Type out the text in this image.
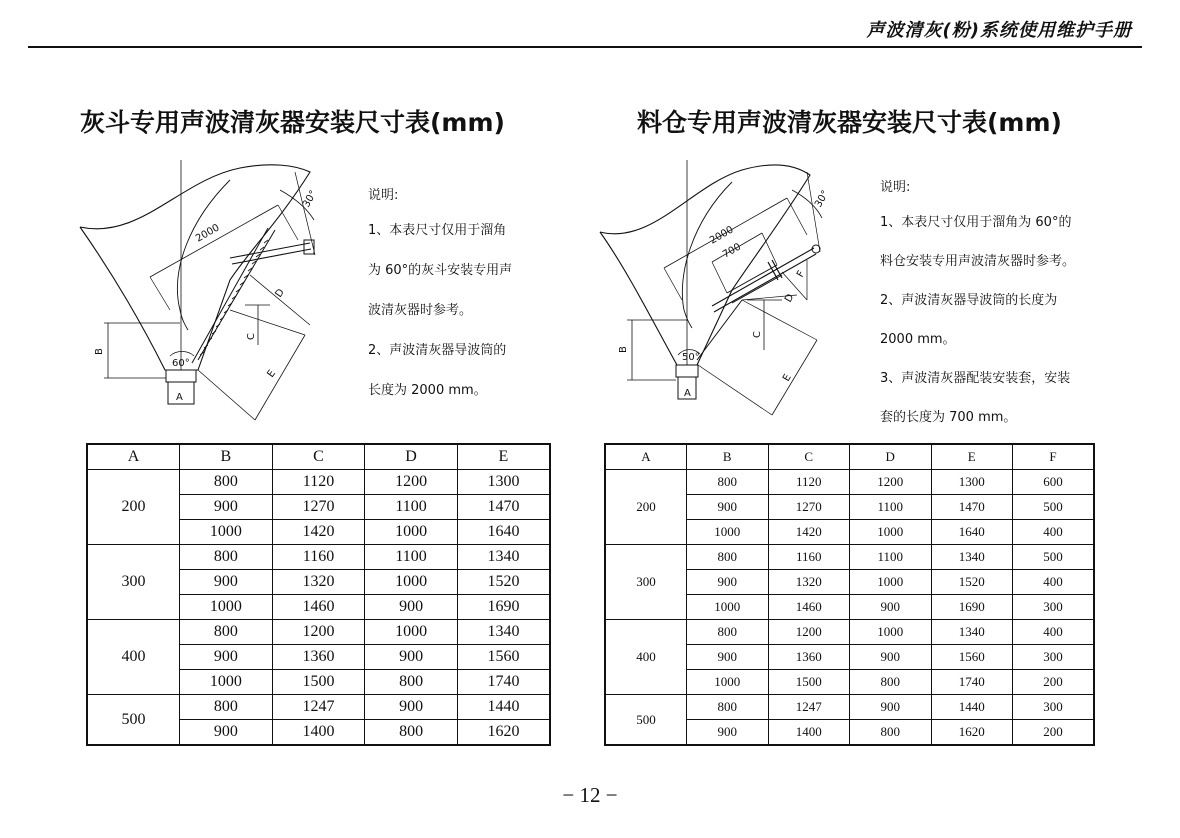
声波清灰(粉)系统使用维护手册
灰斗专用声波清灰器安装尺寸表(mm)
2000
30°
60°
A
B
C
D
E

说明:

1、本表尺寸仅用于溜角

为 60°的灰斗安装专用声

波清灰器时参考。

2、声波清灰器导波筒的

长度为 2000 mm。

A	B	C	D	E
200	800	1120	1200	1300
	900	1270	1100	1470
	1000	1420	1000	1640
300	800	1160	1100	1340
	900	1320	1000	1520
	1000	1460	900	1690
400	800	1200	1000	1340
	900	1360	900	1560
	1000	1500	800	1740
500	800	1247	900	1440
	900	1400	800	1620
料仓专用声波清灰器安装尺寸表(mm)
2000
700
30°
50°
A
B
C
D
E
F

说明:

1、本表尺寸仅用于溜角为 60°的

料仓安装专用声波清灰器时参考。

2、声波清灰器导波筒的长度为

2000 mm。

3、声波清灰器配装安装套，安装

套的长度为 700 mm。

A	B	C	D	E	F
200	800	1120	1200	1300	600
	900	1270	1100	1470	500
	1000	1420	1000	1640	400
300	800	1160	1100	1340	500
	900	1320	1000	1520	400
	1000	1460	900	1690	300
400	800	1200	1000	1340	400
	900	1360	900	1560	300
	1000	1500	800	1740	200
500	800	1247	900	1440	300
	900	1400	800	1620	200
− 12 −
